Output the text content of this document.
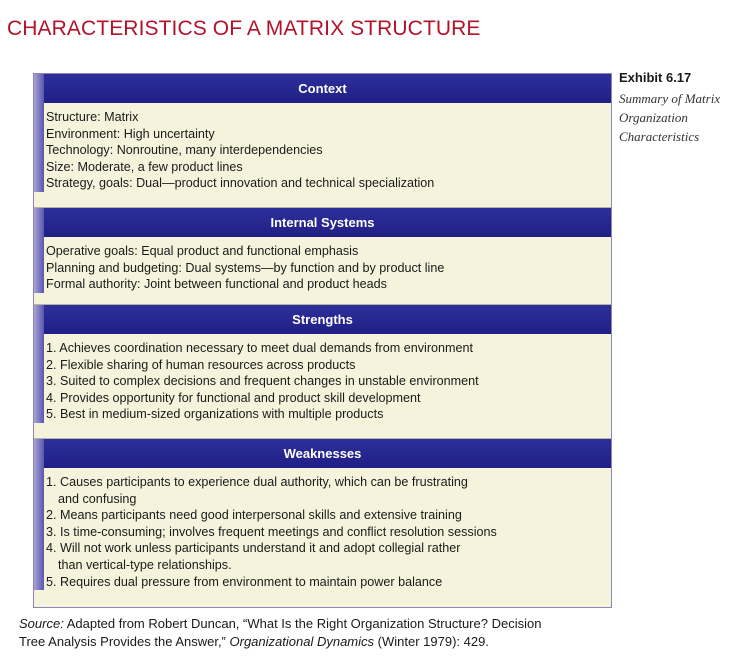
CHARACTERISTICS OF A MATRIX STRUCTURE
Exhibit 6.17
Summary of Matrix
Organization
Characteristics
Context
Structure: Matrix
Environment: High uncertainty
Technology: Nonroutine, many interdependencies
Size: Moderate, a few product lines
Strategy, goals: Dual—product innovation and technical specialization
Internal Systems
Operative goals: Equal product and functional emphasis
Planning and budgeting: Dual systems—by function and by product line
Formal authority: Joint between functional and product heads
Strengths
1. Achieves coordination necessary to meet dual demands from environment
2. Flexible sharing of human resources across products
3. Suited to complex decisions and frequent changes in unstable environment
4. Provides opportunity for functional and product skill development
5. Best in medium-sized organizations with multiple products
Weaknesses
1. Causes participants to experience dual authority, which can be frustrating
and confusing
2. Means participants need good interpersonal skills and extensive training
3. Is time-consuming; involves frequent meetings and conflict resolution sessions
4. Will not work unless participants understand it and adopt collegial rather
than vertical-type relationships.
5. Requires dual pressure from environment to maintain power balance
Source: Adapted from Robert Duncan, “What Is the Right Organization Structure? Decision
Tree Analysis Provides the Answer,” Organizational Dynamics (Winter 1979): 429.
